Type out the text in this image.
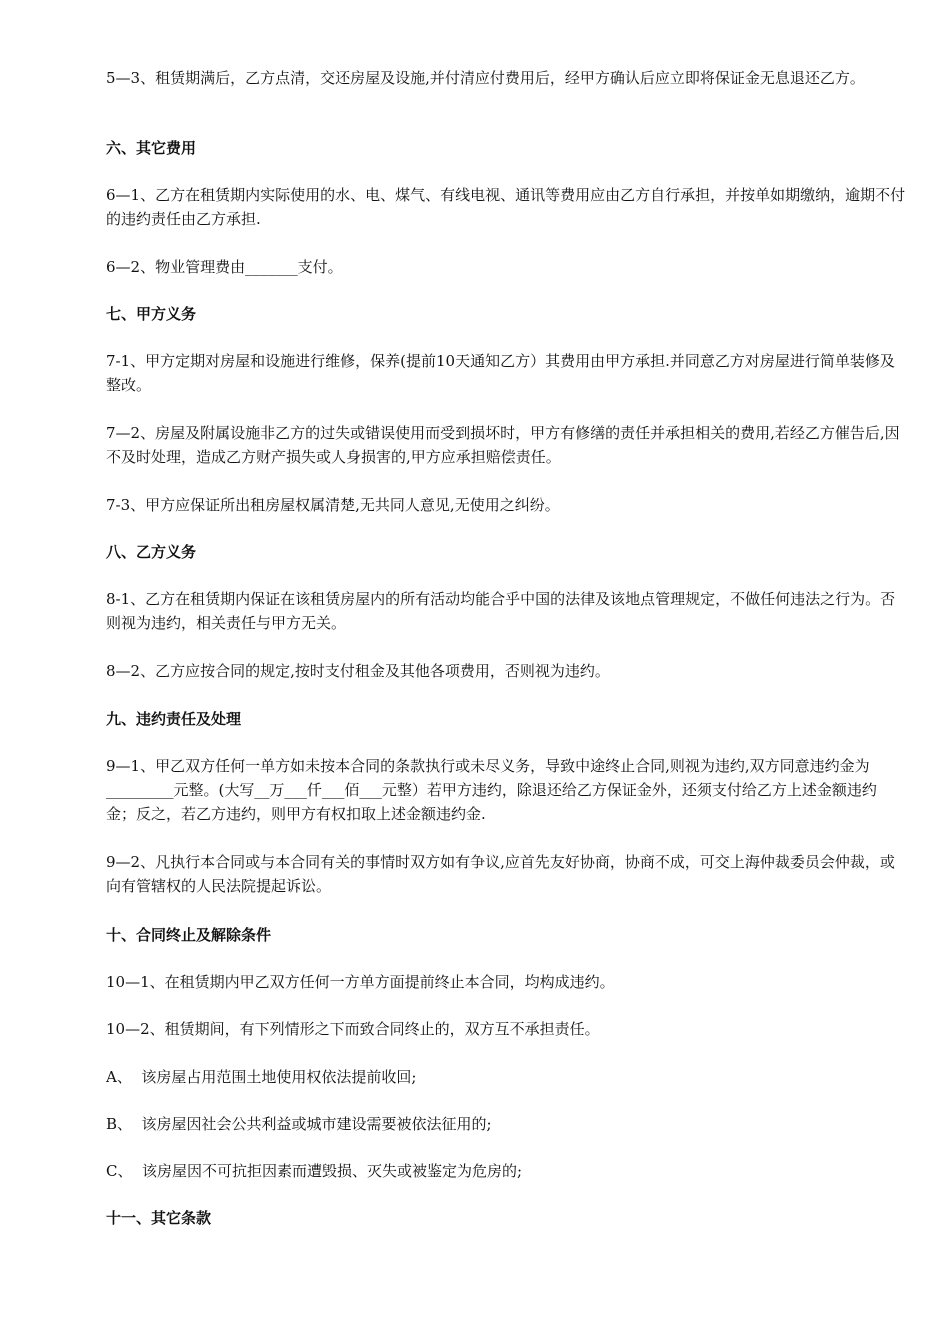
5—3、租赁期满后，乙方点清，交还房屋及设施,并付清应付费用后，经甲方确认后应立即将保证金无息退还乙方。

六、其它费用

6—1、乙方在租赁期内实际使用的水、电、煤气、有线电视、通讯等费用应由乙方自行承担，并按单如期缴纳，逾期不付的违约责任由乙方承担.

6—2、物业管理费由_______支付。

七、甲方义务

7-1、甲方定期对房屋和设施进行维修，保养(提前10天通知乙方）其费用由甲方承担.并同意乙方对房屋进行简单装修及整改。

7—2、房屋及附属设施非乙方的过失或错误使用而受到损坏时，甲方有修缮的责任并承担相关的费用,若经乙方催告后,因不及时处理，造成乙方财产损失或人身损害的,甲方应承担赔偿责任。

7-3、甲方应保证所出租房屋权属清楚,无共同人意见,无使用之纠纷。

八、乙方义务

8-1、乙方在租赁期内保证在该租赁房屋内的所有活动均能合乎中国的法律及该地点管理规定，不做任何违法之行为。否则视为违约，相关责任与甲方无关。

8—2、乙方应按合同的规定,按时支付租金及其他各项费用，否则视为违约。

九、违约责任及处理

9—1、甲乙双方任何一单方如未按本合同的条款执行或未尽义务，导致中途终止合同,则视为违约,双方同意违约金为_________元整。(大写__万___仟___佰___元整）若甲方违约，除退还给乙方保证金外，还须支付给乙方上述金额违约金；反之，若乙方违约，则甲方有权扣取上述金额违约金.

9—2、凡执行本合同或与本合同有关的事情时双方如有争议,应首先友好协商，协商不成，可交上海仲裁委员会仲裁，或向有管辖权的人民法院提起诉讼。

十、合同终止及解除条件

10—1、在租赁期内甲乙双方任何一方单方面提前终止本合同，均构成违约。

10—2、租赁期间，有下列情形之下而致合同终止的，双方互不承担责任。

A、  该房屋占用范围土地使用权依法提前收回;

B、  该房屋因社会公共利益或城市建设需要被依法征用的;

C、  该房屋因不可抗拒因素而遭毁损、灭失或被鉴定为危房的;

十一、其它条款
